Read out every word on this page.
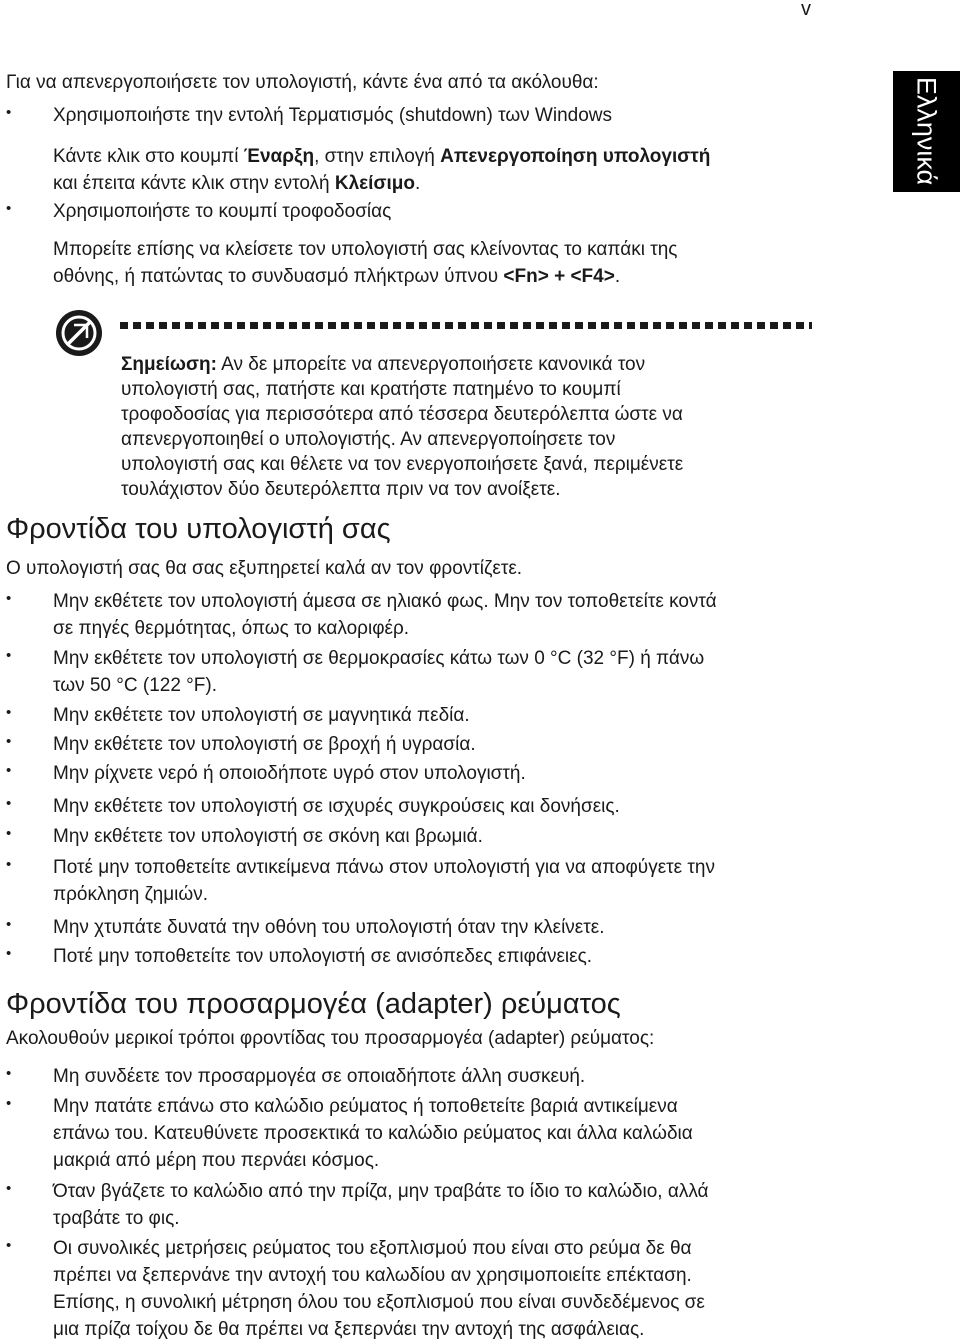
v
Ελληνικά
Για να απενεργοποιήσετε τον υπολογιστή, κάντε ένα από τα ακόλουθα:
• Χρησιμοποιήστε την εντολή Τερματισμός (shutdown) των Windows
Κάντε κλικ στο κουμπί Έναρξη, στην επιλογή Απενεργοποίηση υπολογιστή
και έπειτα κάντε κλικ στην εντολή Κλείσιμο.
• Χρησιμοποιήστε το κουμπί τροφοδοσίας
Μπορείτε επίσης να κλείσετε τον υπολογιστή σας κλείνοντας το καπάκι της
οθόνης, ή πατώντας το συνδυασμό πλήκτρων ύπνου <Fn> + <F4>.
Σημείωση: Αν δε μπορείτε να απενεργοποιήσετε κανονικά τον
υπολογιστή σας, πατήστε και κρατήστε πατημένο το κουμπί
τροφοδοσίας για περισσότερα από τέσσερα δευτερόλεπτα ώστε να
απενεργοποιηθεί ο υπολογιστής. Αν απενεργοποίησετε τον
υπολογιστή σας και θέλετε να τον ενεργοποιήσετε ξανά, περιμένετε
τουλάχιστον δύο δευτερόλεπτα πριν να τον ανοίξετε.
Φροντίδα του υπολογιστή σας
Ο υπολογιστή σας θα σας εξυπηρετεί καλά αν τον φροντίζετε.
• Μην εκθέτετε τον υπολογιστή άμεσα σε ηλιακό φως. Μην τον τοποθετείτε κοντά
σε πηγές θερμότητας, όπως το καλοριφέρ.
• Μην εκθέτετε τον υπολογιστή σε θερμοκρασίες κάτω των 0 °C (32 °F) ή πάνω
των 50 °C (122 °F).
• Μην εκθέτετε τον υπολογιστή σε μαγνητικά πεδία.
• Μην εκθέτετε τον υπολογιστή σε βροχή ή υγρασία.
• Μην ρίχνετε νερό ή οποιοδήποτε υγρό στον υπολογιστή.
• Μην εκθέτετε τον υπολογιστή σε ισχυρές συγκρούσεις και δονήσεις.
• Μην εκθέτετε τον υπολογιστή σε σκόνη και βρωμιά.
• Ποτέ μην τοποθετείτε αντικείμενα πάνω στον υπολογιστή για να αποφύγετε την
πρόκληση ζημιών.
• Μην χτυπάτε δυνατά την οθόνη του υπολογιστή όταν την κλείνετε.
• Ποτέ μην τοποθετείτε τον υπολογιστή σε ανισόπεδες επιφάνειες.
Φροντίδα του προσαρμογέα (adapter) ρεύματος
Ακολουθούν μερικοί τρόποι φροντίδας του προσαρμογέα (adapter) ρεύματος:
• Μη συνδέετε τον προσαρμογέα σε οποιαδήποτε άλλη συσκευή.
• Μην πατάτε επάνω στο καλώδιο ρεύματος ή τοποθετείτε βαριά αντικείμενα
επάνω του. Κατευθύνετε προσεκτικά το καλώδιο ρεύματος και άλλα καλώδια
μακριά από μέρη που περνάει κόσμος.
• Όταν βγάζετε το καλώδιο από την πρίζα, μην τραβάτε το ίδιο το καλώδιο, αλλά
τραβάτε το φις.
• Οι συνολικές μετρήσεις ρεύματος του εξοπλισμού που είναι στο ρεύμα δε θα
πρέπει να ξεπερνάνε την αντοχή του καλωδίου αν χρησιμοποιείτε επέκταση.
Επίσης, η συνολική μέτρηση όλου του εξοπλισμού που είναι συνδεδέμενος σε
μια πρίζα τοίχου δε θα πρέπει να ξεπερνάει την αντοχή της ασφάλειας.
